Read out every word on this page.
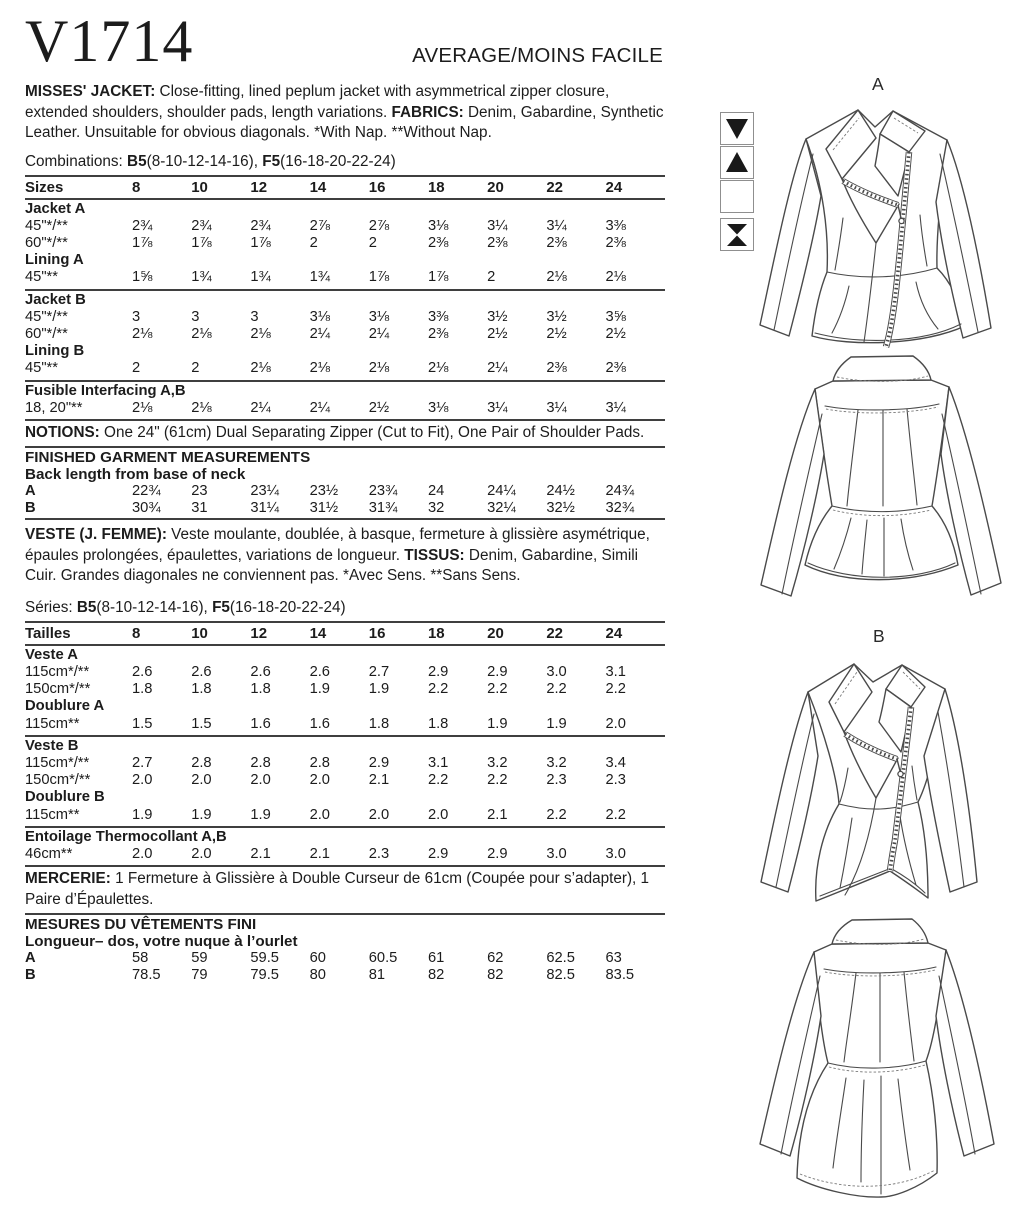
V1714	AVERAGE/MOINS FACILE
MISSES' JACKET: Close-fitting, lined peplum jacket with asymmetrical zipper closure, extended shoulders, shoulder pads, length variations. FABRICS: Denim, Gabardine, Synthetic Leather. Unsuitable for obvious diagonals. *With Nap. **Without Nap.
Combinations: B5(8-10-12-14-16), F5(16-18-20-22-24)
Sizes	8	10	12	14	16	18	20	22	24
Jacket A
45"*/**	2¾	2¾	2¾	2⅞	2⅞	3⅛	3¼	3¼	3⅜
60"*/**	1⅞	1⅞	1⅞	2	2	2⅜	2⅜	2⅜	2⅜
Lining A
45"**	1⅝	1¾	1¾	1¾	1⅞	1⅞	2	2⅛	2⅛
Jacket B
45"*/**	3	3	3	3⅛	3⅛	3⅜	3½	3½	3⅝
60"*/**	2⅛	2⅛	2⅛	2¼	2¼	2⅜	2½	2½	2½
Lining B
45"**	2	2	2⅛	2⅛	2⅛	2⅛	2¼	2⅜	2⅜
Fusible Interfacing A,B
18, 20"**	2⅛	2⅛	2¼	2¼	2½	3⅛	3¼	3¼	3¼
NOTIONS: One 24" (61cm) Dual Separating Zipper (Cut to Fit), One Pair of Shoulder Pads.
FINISHED GARMENT MEASUREMENTS
Back length from base of neck
A	22¾	23	23¼	23½	23¾	24	24¼	24½	24¾
B	30¾	31	31¼	31½	31¾	32	32¼	32½	32¾
VESTE (J. FEMME): Veste moulante, doublée, à basque, fermeture à glissière asymétrique, épaules prolongées, épaulettes, variations de longueur. TISSUS: Denim, Gabardine, Simili Cuir. Grandes diagonales ne conviennent pas. *Avec Sens. **Sans Sens.
Séries: B5(8-10-12-14-16), F5(16-18-20-22-24)
Tailles	8	10	12	14	16	18	20	22	24
Veste A
115cm*/**	2.6	2.6	2.6	2.6	2.7	2.9	2.9	3.0	3.1
150cm*/**	1.8	1.8	1.8	1.9	1.9	2.2	2.2	2.2	2.2
Doublure A
115cm**	1.5	1.5	1.6	1.6	1.8	1.8	1.9	1.9	2.0
Veste B
115cm*/**	2.7	2.8	2.8	2.8	2.9	3.1	3.2	3.2	3.4
150cm*/**	2.0	2.0	2.0	2.0	2.1	2.2	2.2	2.3	2.3
Doublure B
115cm**	1.9	1.9	1.9	2.0	2.0	2.0	2.1	2.2	2.2
Entoilage Thermocollant A,B
46cm**	2.0	2.0	2.1	2.1	2.3	2.9	2.9	3.0	3.0
MERCERIE: 1 Fermeture à Glissière à Double Curseur de 61cm (Coupée pour s’adapter), 1 Paire d’Épaulettes.
MESURES DU VÊTEMENTS FINI
Longueur– dos, votre nuque à l’ourlet
A	58	59	59.5	60	60.5	61	62	62.5	63
B	78.5	79	79.5	80	81	82	82	82.5	83.5
A
B
